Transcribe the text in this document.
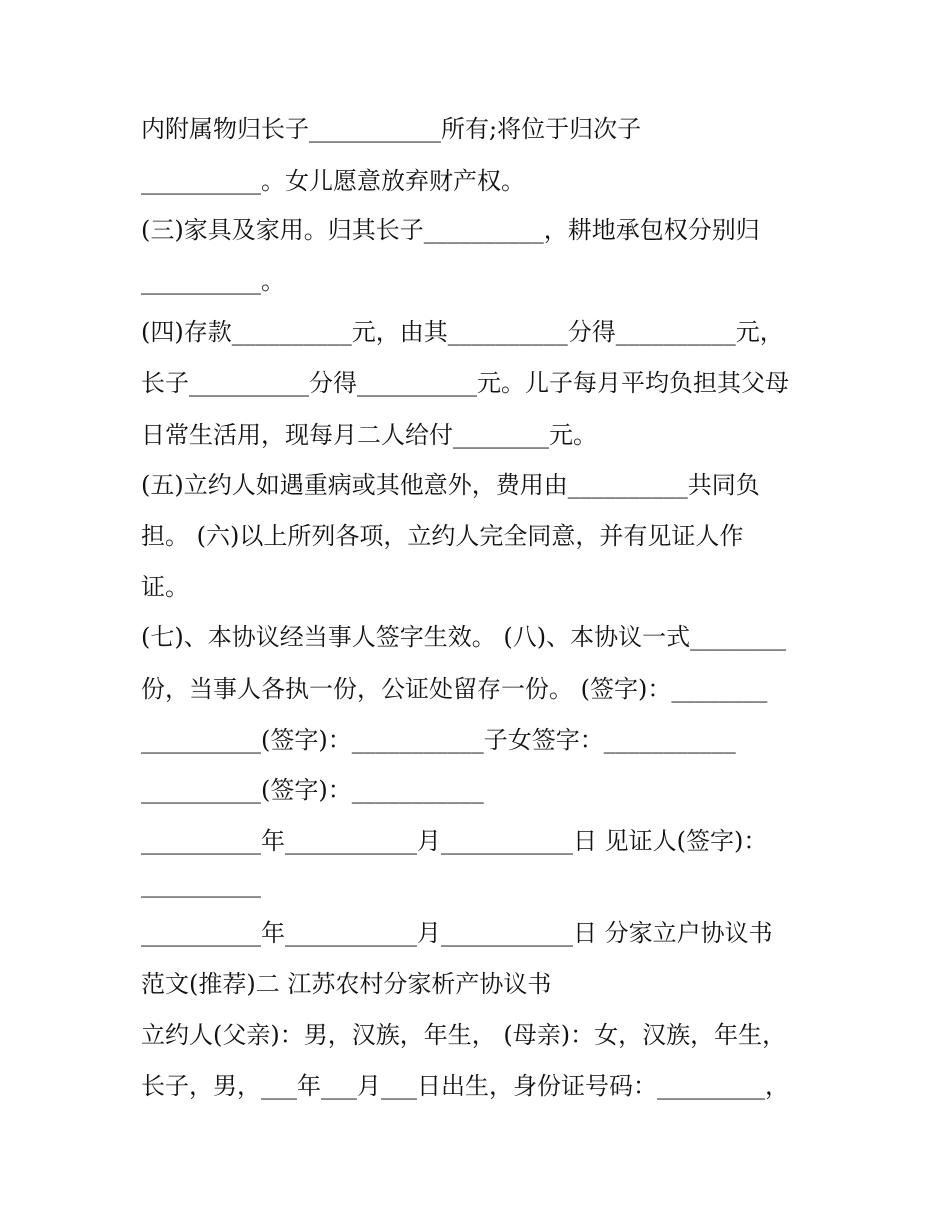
内附属物归长子___________所有;将位于归次子
__________。女儿愿意放弃财产权。
(三)家具及家用。归其长子__________，耕地承包权分别归
__________。
(四)存款__________元，由其__________分得__________元，
长子__________分得__________元。儿子每月平均负担其父母
日常生活用，现每月二人给付________元。
(五)立约人如遇重病或其他意外，费用由__________共同负
担。 (六)以上所列各项，立约人完全同意，并有见证人作
证。
(七)、本协议经当事人签字生效。 (八)、本协议一式________
份，当事人各执一份，公证处留存一份。 (签字)：________
__________(签字)：___________子女签字：___________
__________(签字)：___________
__________年___________月___________日 见证人(签字)：
__________
__________年___________月___________日 分家立户协议书
范文(推荐)二 江苏农村分家析产协议书
立约人(父亲)：男，汉族，年生， (母亲)：女，汉族，年生，
长子，男，___年___月___日出生，身份证号码：_________，
